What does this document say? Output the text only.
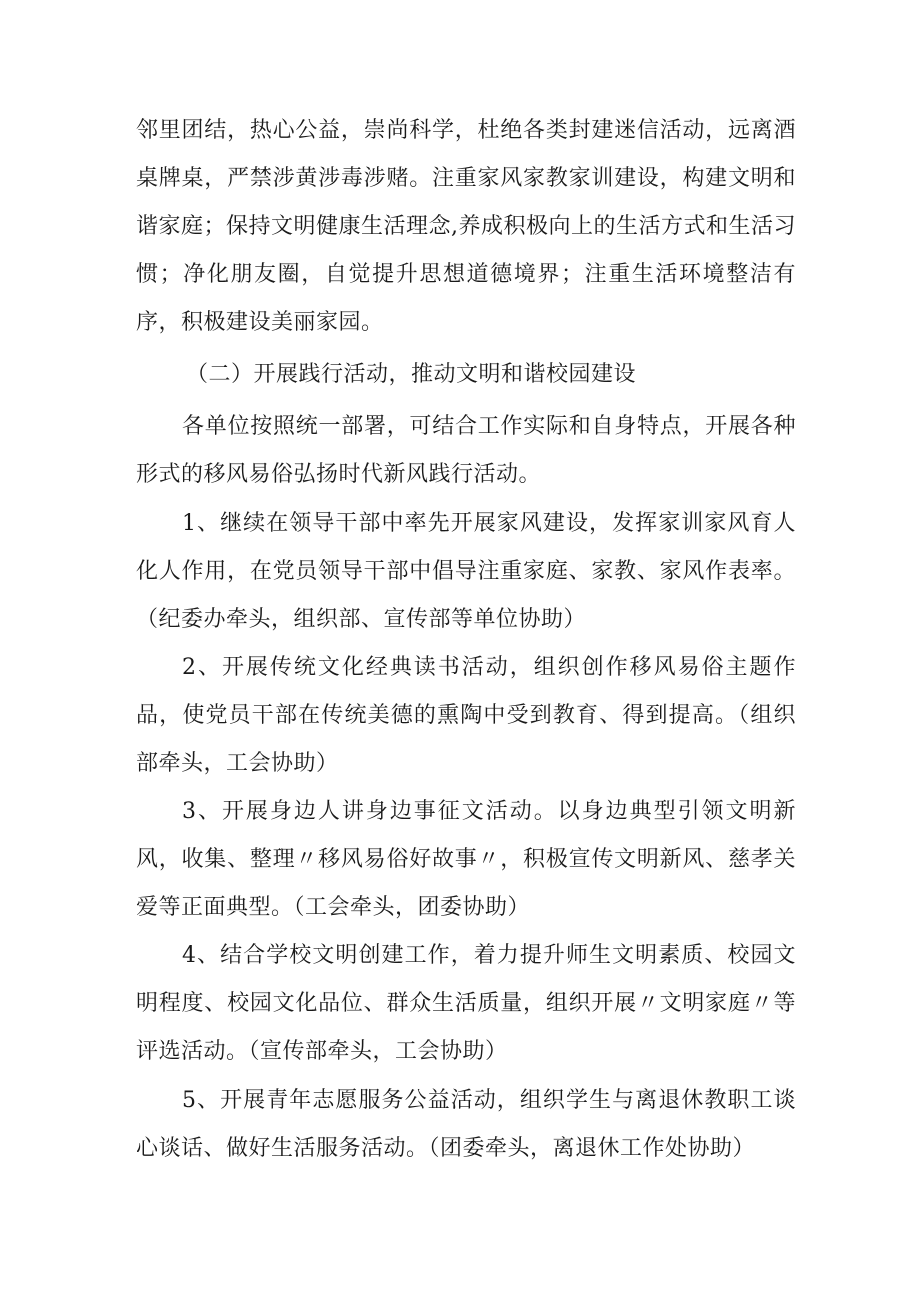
邻里团结，热心公益，崇尚科学，杜绝各类封建迷信活动，远离酒桌牌桌，严禁涉黄涉毒涉赌。注重家风家教家训建设，构建文明和谐家庭；保持文明健康生活理念,养成积极向上的生活方式和生活习惯；净化朋友圈，自觉提升思想道德境界；注重生活环境整洁有序，积极建设美丽家园。

（二）开展践行活动，推动文明和谐校园建设

各单位按照统一部署，可结合工作实际和自身特点，开展各种形式的移风易俗弘扬时代新风践行活动。

1、继续在领导干部中率先开展家风建设，发挥家训家风育人化人作用，在党员领导干部中倡导注重家庭、家教、家风作表率。（纪委办牵头，组织部、宣传部等单位协助）

2、开展传统文化经典读书活动，组织创作移风易俗主题作品，使党员干部在传统美德的熏陶中受到教育、得到提高。（组织部牵头，工会协助）

3、开展身边人讲身边事征文活动。以身边典型引领文明新风，收集、整理〃移风易俗好故事〃，积极宣传文明新风、慈孝关爱等正面典型。（工会牵头，团委协助）

4、结合学校文明创建工作，着力提升师生文明素质、校园文明程度、校园文化品位、群众生活质量，组织开展〃文明家庭〃等评选活动。（宣传部牵头，工会协助）

5、开展青年志愿服务公益活动，组织学生与离退休教职工谈心谈话、做好生活服务活动。（团委牵头，离退休工作处协助）
